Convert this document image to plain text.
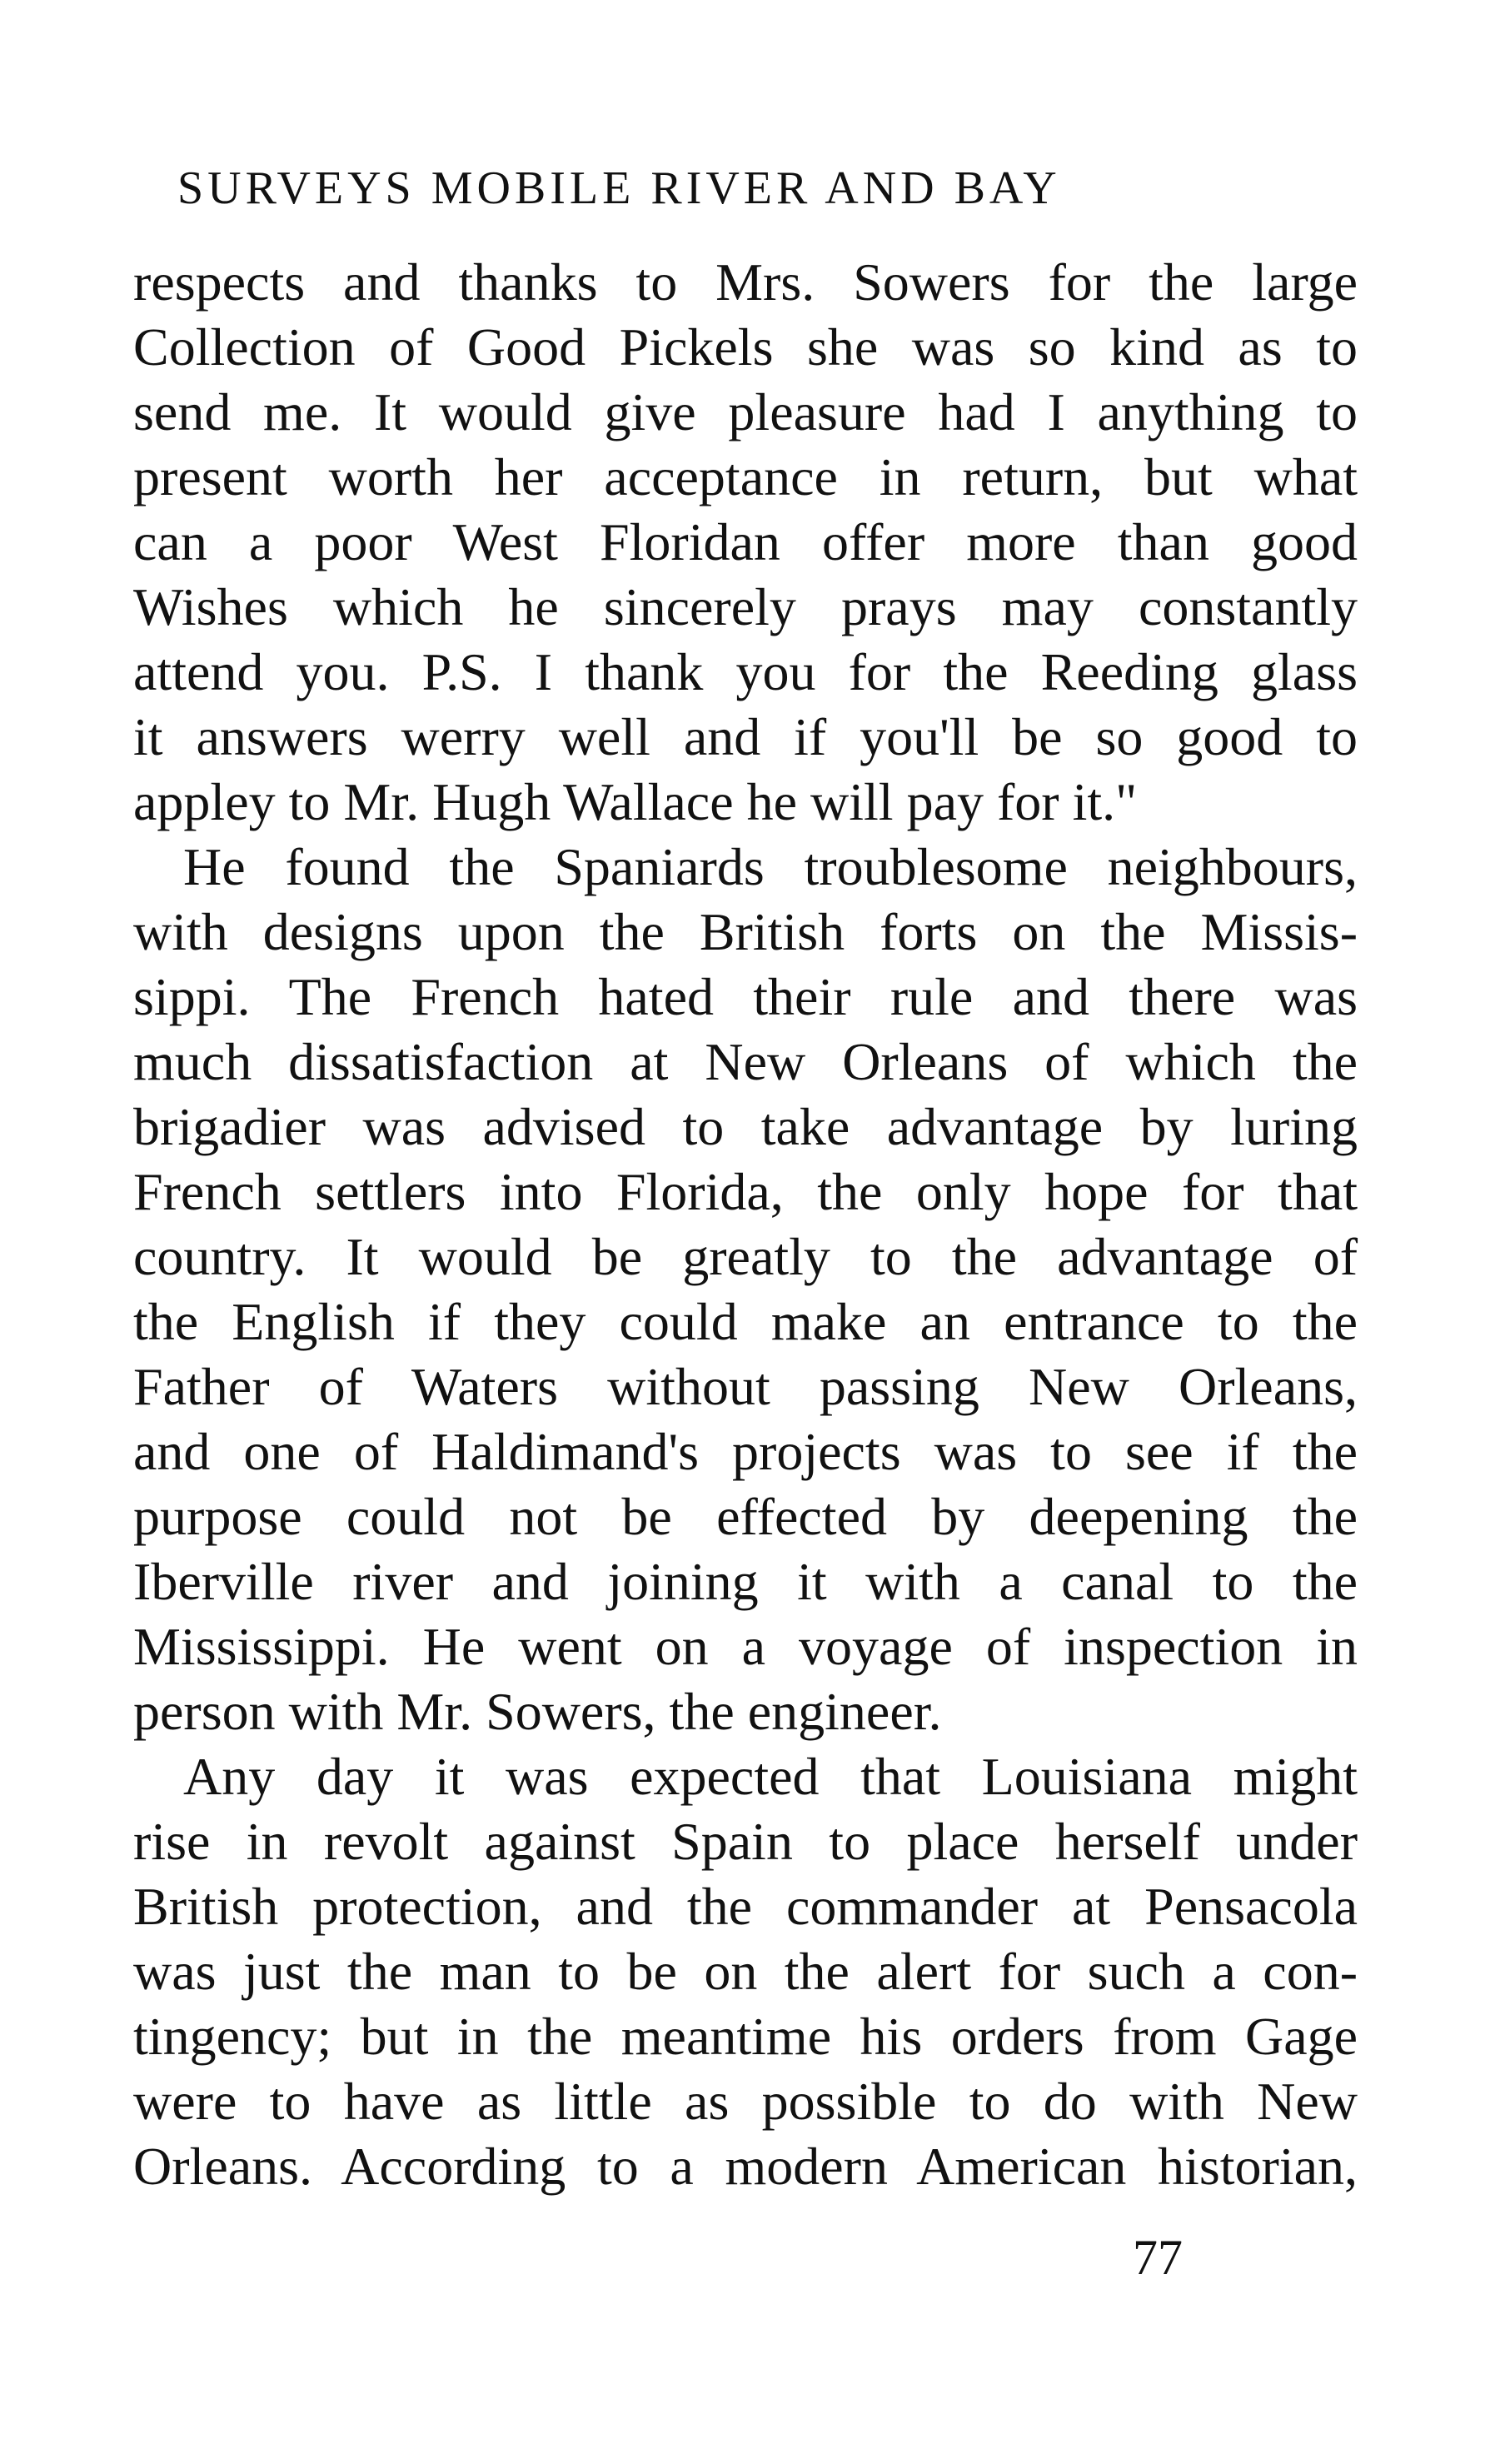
SURVEYS MOBILE RIVER AND BAY
respects and thanks to Mrs. Sowers for the large
Collection of Good Pickels she was so kind as to
send me. It would give pleasure had I anything to
present worth her acceptance in return, but what
can a poor West Floridan offer more than good
Wishes which he sincerely prays may constantly
attend you. P.S. I thank you for the Reeding glass
it answers werry well and if you'll be so good to
appley to Mr. Hugh Wallace he will pay for it."
He found the Spaniards troublesome neighbours,
with designs upon the British forts on the Missis-
sippi. The French hated their rule and there was
much dissatisfaction at New Orleans of which the
brigadier was advised to take advantage by luring
French settlers into Florida, the only hope for that
country. It would be greatly to the advantage of
the English if they could make an entrance to the
Father of Waters without passing New Orleans,
and one of Haldimand's projects was to see if the
purpose could not be effected by deepening the
Iberville river and joining it with a canal to the
Mississippi. He went on a voyage of inspection in
person with Mr. Sowers, the engineer.
Any day it was expected that Louisiana might
rise in revolt against Spain to place herself under
British protection, and the commander at Pensacola
was just the man to be on the alert for such a con-
tingency; but in the meantime his orders from Gage
were to have as little as possible to do with New
Orleans. According to a modern American historian,
77
